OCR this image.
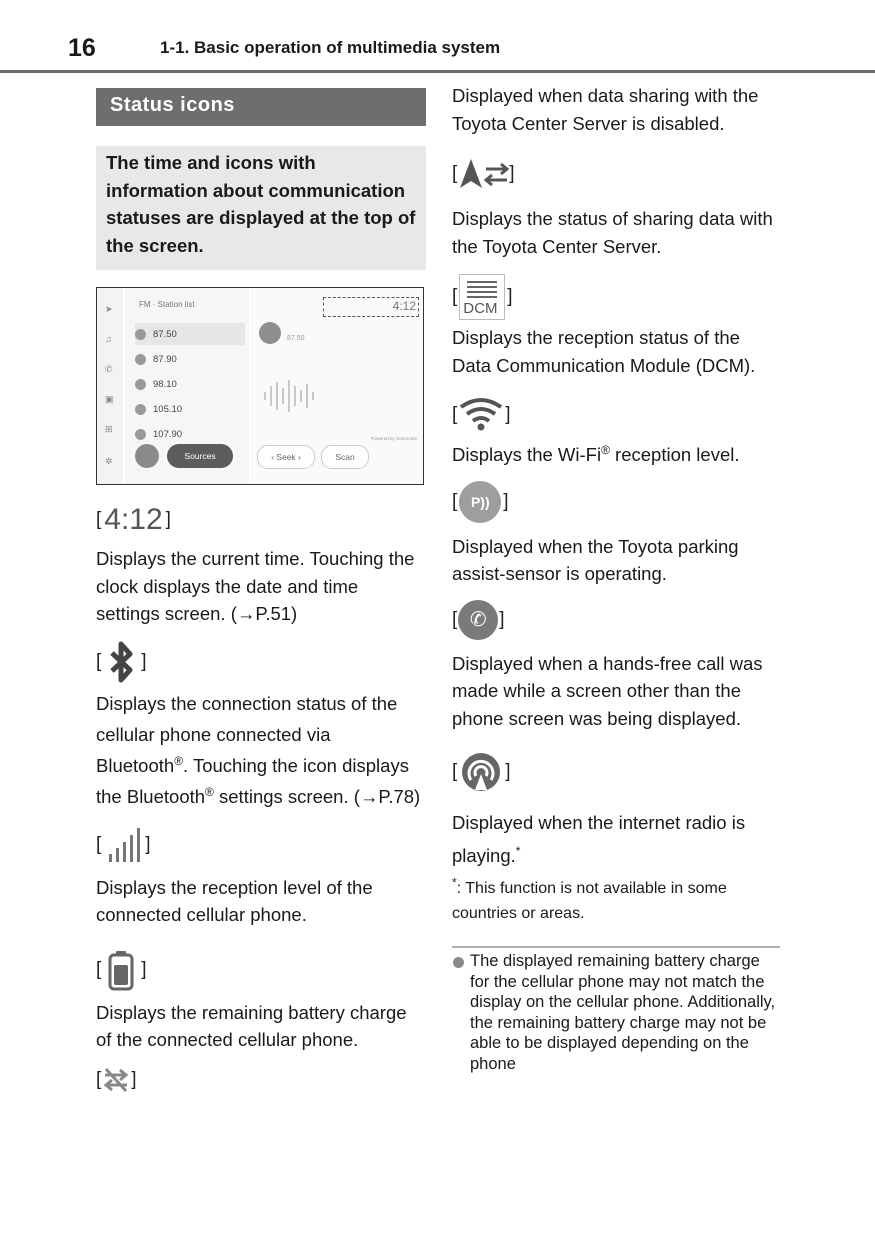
16	1-1. Basic operation of multimedia system
Status icons
The time and icons with information about communication statuses are displayed at the top of the screen.
➤
♫
✆
▣
⊞
✲
FM · Station list
87.50
87.90
98.10
105.10
107.90
Sources
4:12
87.50
Powered by Gracenote
‹ Seek ›	Scan
[ 4:12 ]

Displays the current time. Touching the clock displays the date and time settings screen. (→P.51)

[ ]

Displays the connection status of the cellular phone connected via Bluetooth®. Touching the icon displays the Bluetooth® settings screen. (→P.78)

[ ]

Displays the reception level of the connected cellular phone.

[ ]

Displays the remaining battery charge of the connected cellular phone.

[ ]

Displayed when data sharing with the Toyota Center Server is disabled.

[	]

Displays the status of sharing data with the Toyota Center Server.

[
DCM
]

Displays the reception status of the Data Communication Module (DCM).

[	]

Displays the Wi-Fi® reception level.

[ P)) ]

Displayed when the Toyota parking assist-sensor is operating.

[ ✆ ]

Displayed when a hands-free call was made while a screen other than the phone screen was being displayed.

[	]

Displayed when the internet radio is playing.*

*: This function is not available in some countries or areas.
The displayed remaining battery charge for the cellular phone may not match the display on the cellular phone. Additionally, the remaining battery charge may not be able to be displayed depending on the phone
